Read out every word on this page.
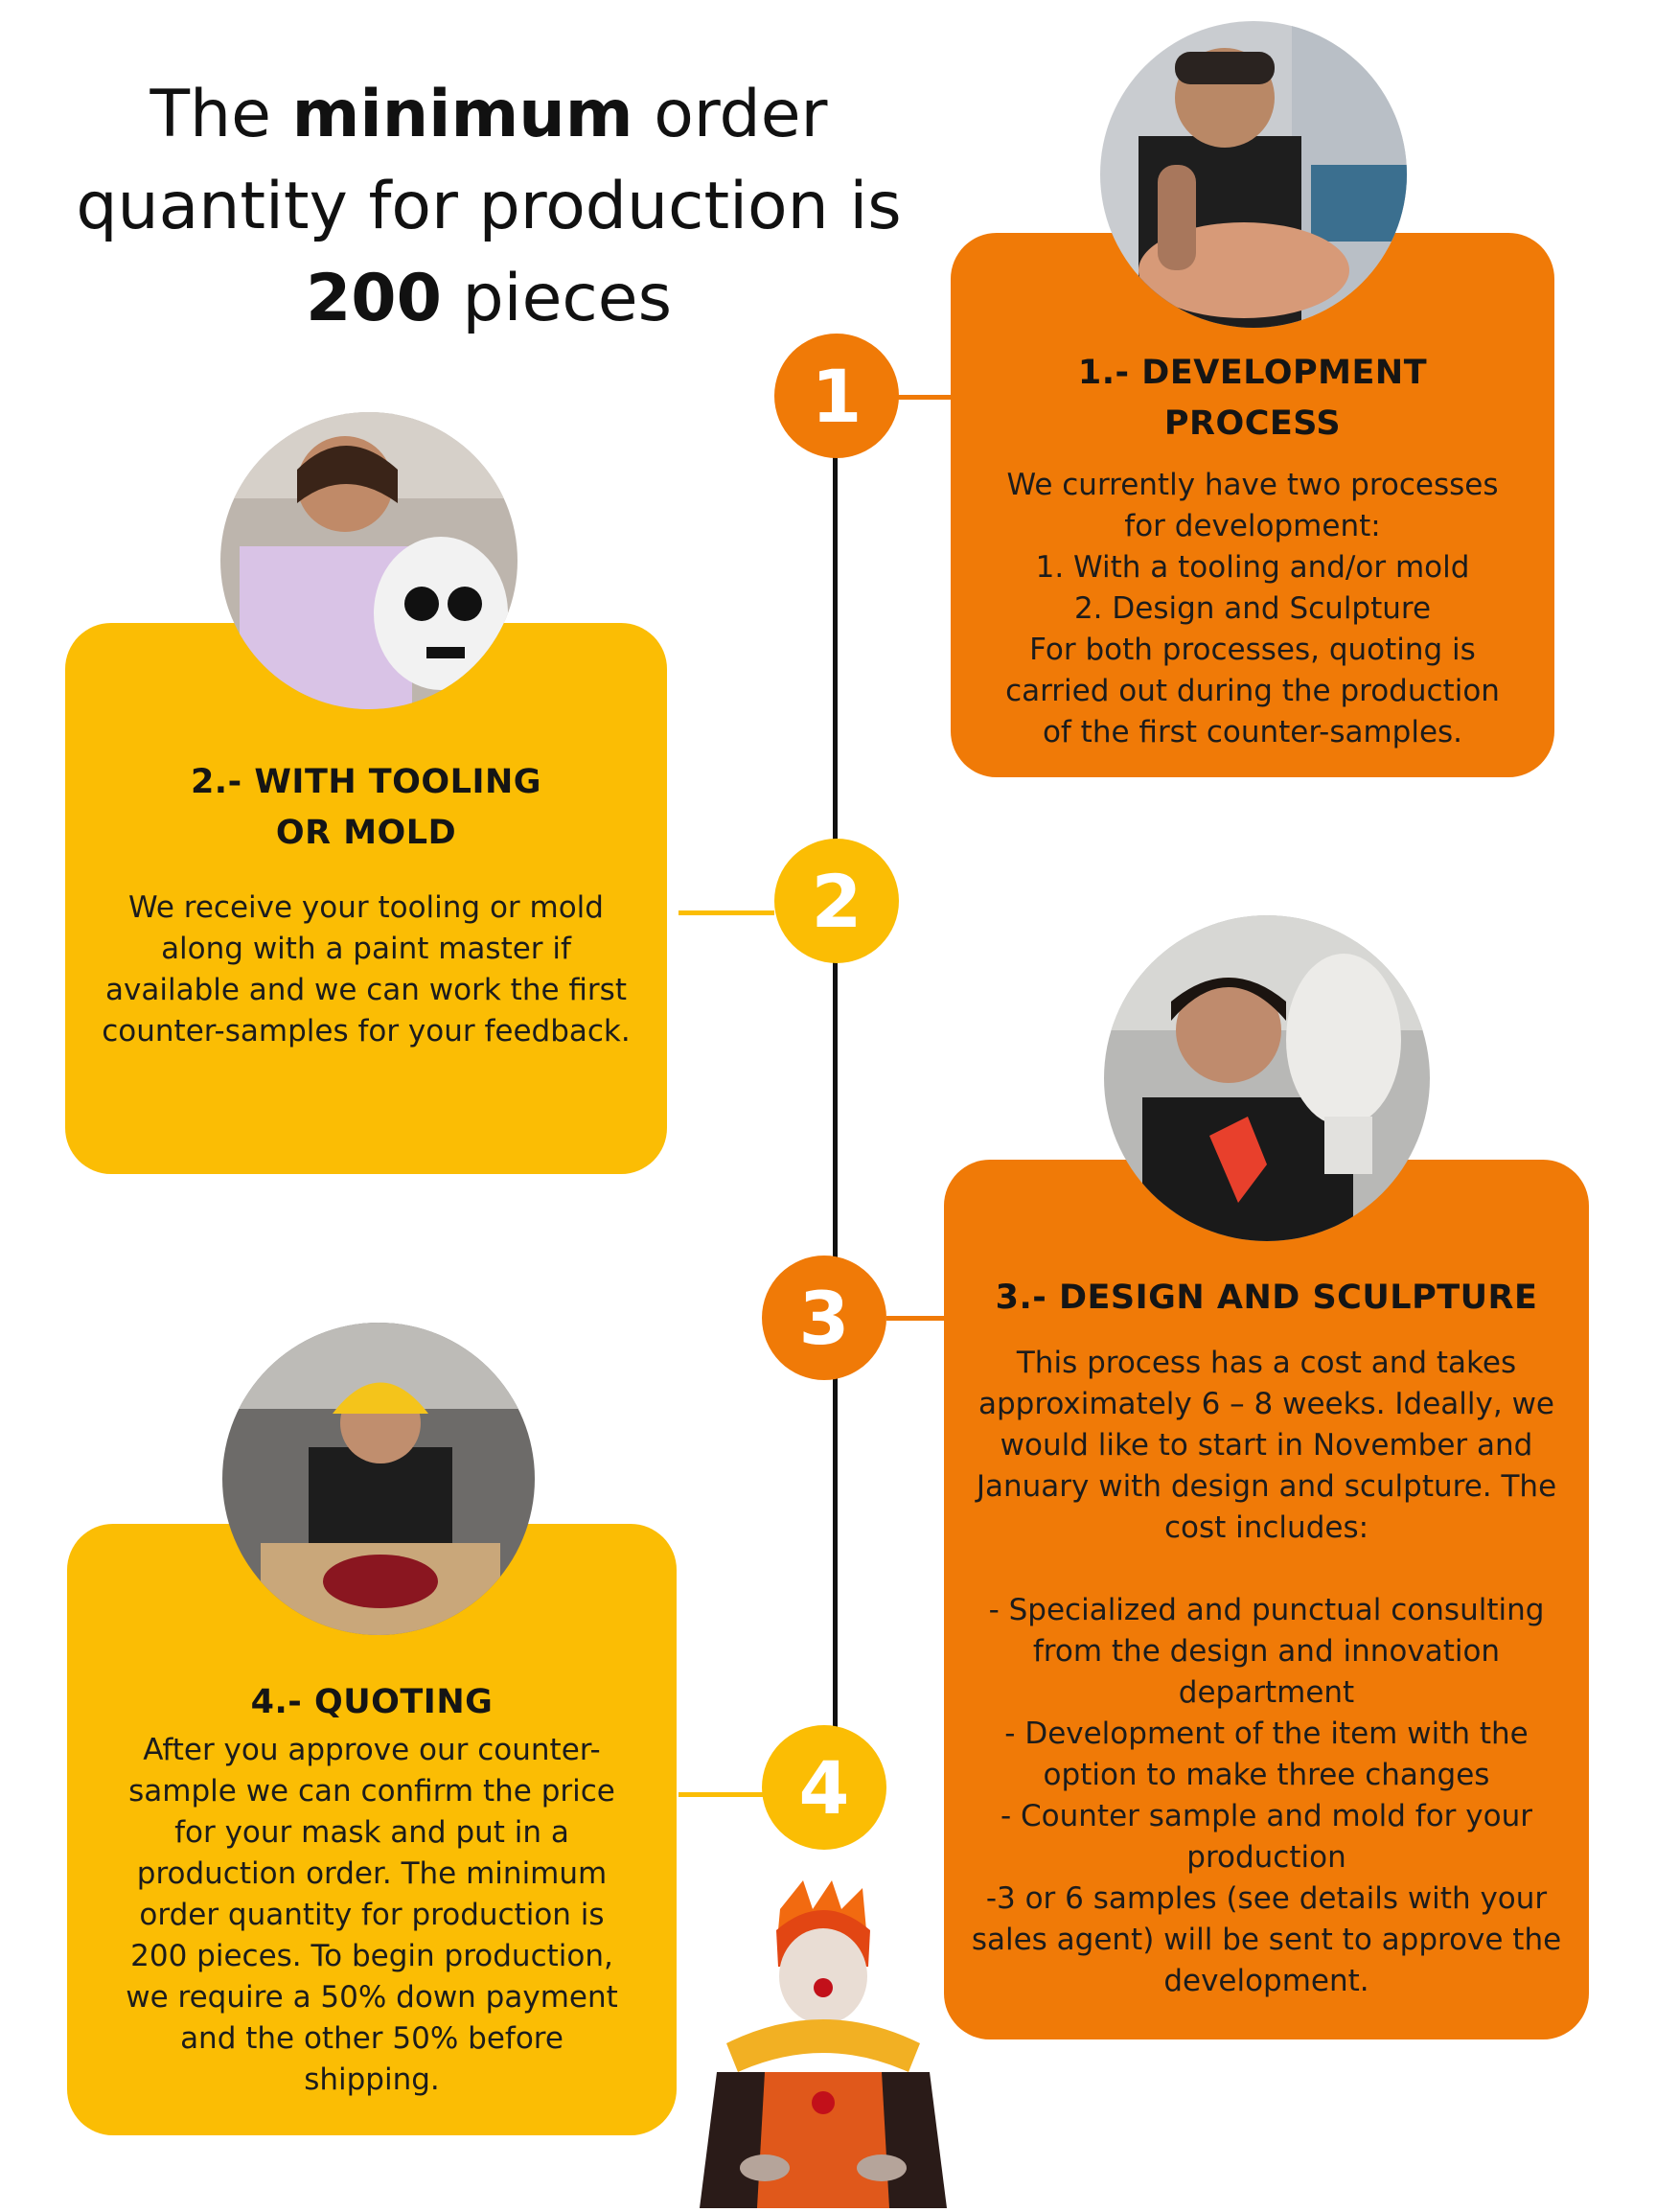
The minimum order
quantity for production is
200 pieces
1
2
3
4
1.- DEVELOPMENT PROCESS

We currently have two processes
for development:
1. With a tooling and/or mold
2. Design and Sculpture
For both processes, quoting is
carried out during the production
of the first counter-samples.

2.- WITH TOOLING OR MOLD

We receive your tooling or mold
along with a paint master if
available and we can work the first
counter-samples for your feedback.

3.- DESIGN AND SCULPTURE

This process has a cost and takes
approximately 6 – 8 weeks. Ideally, we
would like to start in November and
January with design and sculpture. The
cost includes:

- Specialized and punctual consulting
from the design and innovation
department
- Development of the item with the
option to make three changes
- Counter sample and mold for your
production
-3 or 6 samples (see details with your
sales agent) will be sent to approve the
development.

4.- QUOTING

After you approve our counter-
sample we can confirm the price
for your mask and put in a
production order. The minimum
order quantity for production is
200 pieces. To begin production,
we require a 50% down payment
and the other 50% before
shipping.
